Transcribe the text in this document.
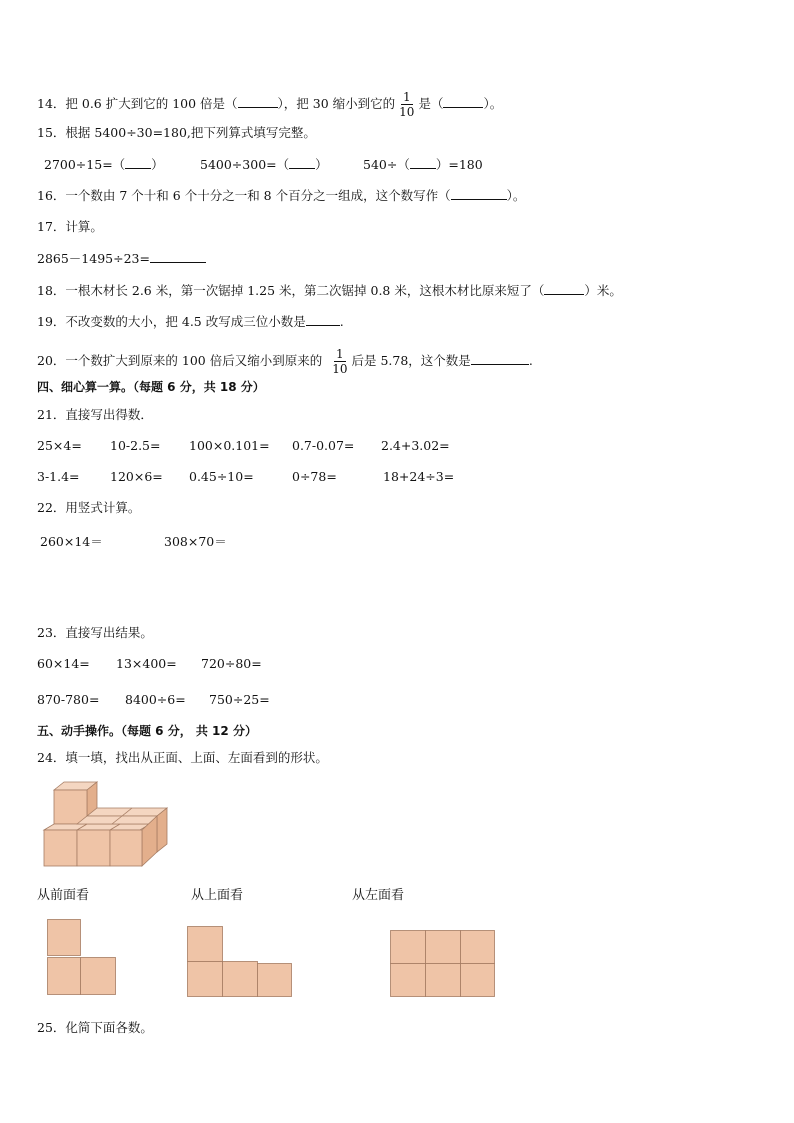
14．把 0.6 扩大到它的 100 倍是（	），把 30 缩小到它的 $\frac{1}{10}$ 是（	）。
15．根据 5400÷30=180,把下列算式填写完整。
2700÷15=（ ）	5400÷300=（ ）	540÷（ ）=180
16．一个数由 7 个十和 6 个十分之一和 8 个百分之一组成，这个数写作（	）。
17．计算。
2865－1495÷23=
18．一根木材长 2.6 米，第一次锯掉 1.25 米，第二次锯掉 0.8 米，这根木材比原来短了（	）米。
19．不改变数的大小，把 4.5 改写成三位小数是	.
20．一个数扩大到原来的 100 倍后又缩小到原来的 $\frac{1}{10}$ 后是 5.78，这个数是	.
四、细心算一算。（每题 6 分，共 18 分）
21．直接写出得数．
25×4= 10-2.5= 100×0.101= 0.7-0.07= 2.4+3.02=
3-1.4= 120×6= 0.45÷10=	0÷78=	18+24÷3=
22．用竖式计算。
260×14＝	308×70＝
23．直接写出结果。
60×14= 13×400= 720÷80=
870-780= 8400÷6= 750÷25=
五、动手操作。（每题 6 分， 共 12 分）
24．填一填，找出从正面、上面、左面看到的形状。
从前面看	从上面看	从左面看
25．化简下面各数。
